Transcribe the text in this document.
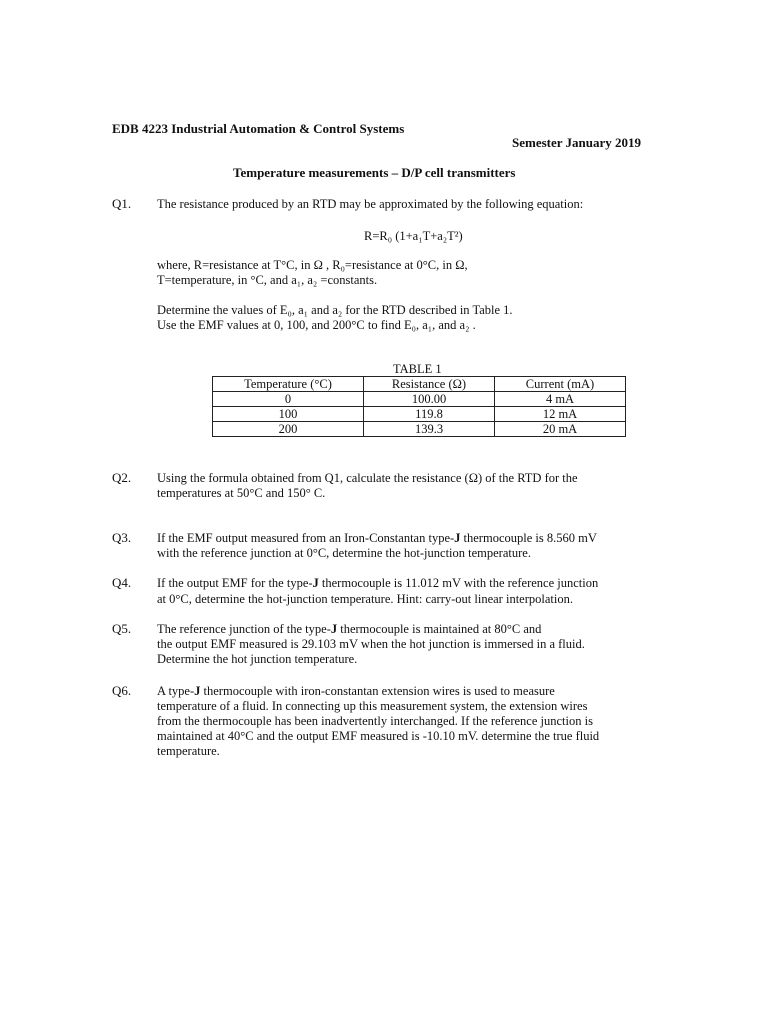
EDB 4223 Industrial Automation & Control Systems
Semester January 2019
Temperature measurements – D/P cell transmitters
Q1. The resistance produced by an RTD may be approximated by the following equation:
R=R₀ (1+a₁T+a₂T²)
where, R=resistance at T°C, in Ω , R₀=resistance at 0°C, in Ω,
T=temperature, in °C, and a₁, a₂ =constants.
Determine the values of E₀, a₁ and a₂ for the RTD described in Table 1.
Use the EMF values at 0, 100, and 200°C to find E₀, a₁, and a₂ .
TABLE 1
Temperature (°C)	Resistance (Ω)	Current (mA)
0	100.00	4 mA
100	119.8	12 mA
200	139.3	20 mA
Q2. Using the formula obtained from Q1, calculate the resistance (Ω) of the RTD for the
temperatures at 50°C and 150° C.
Q3. If the EMF output measured from an Iron-Constantan type-J thermocouple is 8.560 mV
with the reference junction at 0°C, determine the hot-junction temperature.
Q4. If the output EMF for the type-J thermocouple is 11.012 mV with the reference junction
at 0°C, determine the hot-junction temperature. Hint: carry-out linear interpolation.
Q5. The reference junction of the type-J thermocouple is maintained at 80°C and
the output EMF measured is 29.103 mV when the hot junction is immersed in a fluid.
Determine the hot junction temperature.
Q6. A type-J thermocouple with iron-constantan extension wires is used to measure
temperature of a fluid. In connecting up this measurement system, the extension wires
from the thermocouple has been inadvertently interchanged. If the reference junction is
maintained at 40°C and the output EMF measured is -10.10 mV. determine the true fluid
temperature.
